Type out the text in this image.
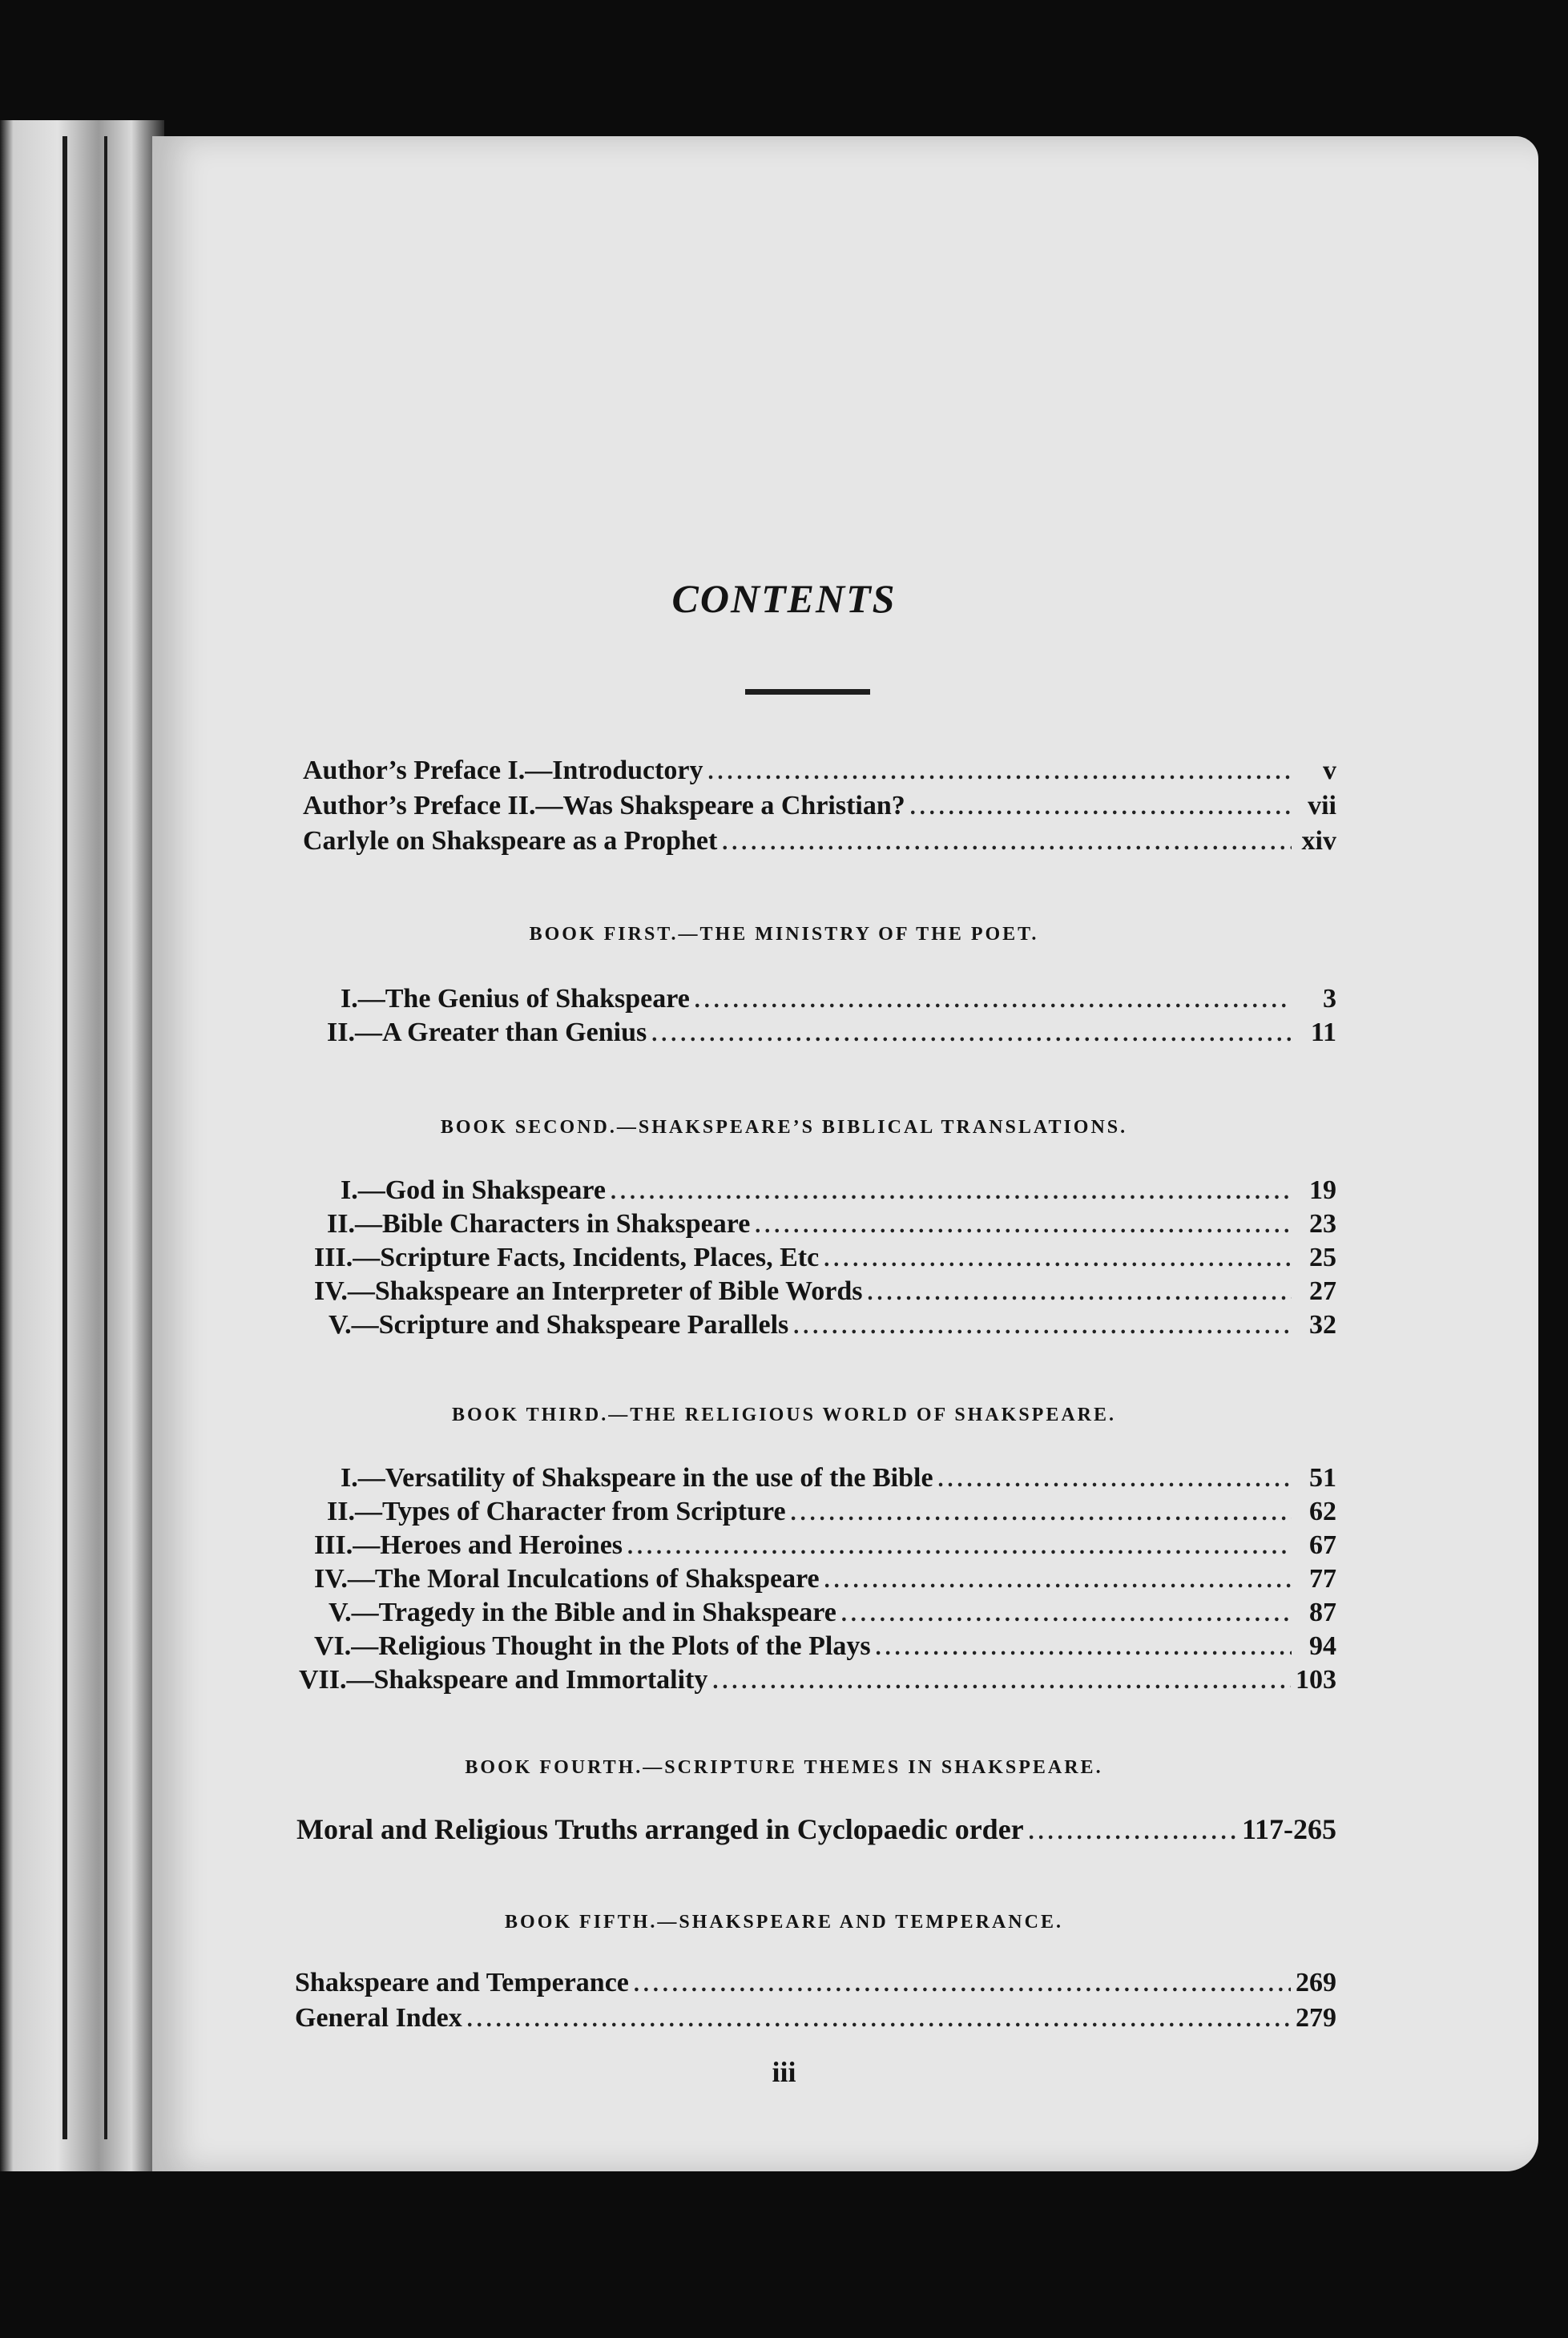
CONTENTS
Author’s Preface I.—Introductory .....	v
Author’s Preface II.—Was Shakspeare a Christian? .....	vii
Carlyle on Shakspeare as a Prophet .....	xiv
BOOK FIRST.—THE MINISTRY OF THE POET.
I.—The Genius of Shakspeare .....	3
II.—A Greater than Genius .....	11
BOOK SECOND.—SHAKSPEARE’S BIBLICAL TRANSLATIONS.
I.—God in Shakspeare .....	19
II.—Bible Characters in Shakspeare .....	23
III.—Scripture Facts, Incidents, Places, Etc .....	25
IV.—Shakspeare an Interpreter of Bible Words .....	27
V.—Scripture and Shakspeare Parallels .....	32
BOOK THIRD.—THE RELIGIOUS WORLD OF SHAKSPEARE.
I.—Versatility of Shakspeare in the use of the Bible .....	51
II.—Types of Character from Scripture .....	62
III.—Heroes and Heroines .....	67
IV.—The Moral Inculcations of Shakspeare .....	77
V.—Tragedy in the Bible and in Shakspeare .....	87
VI.—Religious Thought in the Plots of the Plays .....	94
VII.—Shakspeare and Immortality .....	103
BOOK FOURTH.—SCRIPTURE THEMES IN SHAKSPEARE.
Moral and Religious Truths arranged in Cyclopaedic order .....	117-265
BOOK FIFTH.—SHAKSPEARE AND TEMPERANCE.
Shakspeare and Temperance .....	269
General Index .....	279
iii
